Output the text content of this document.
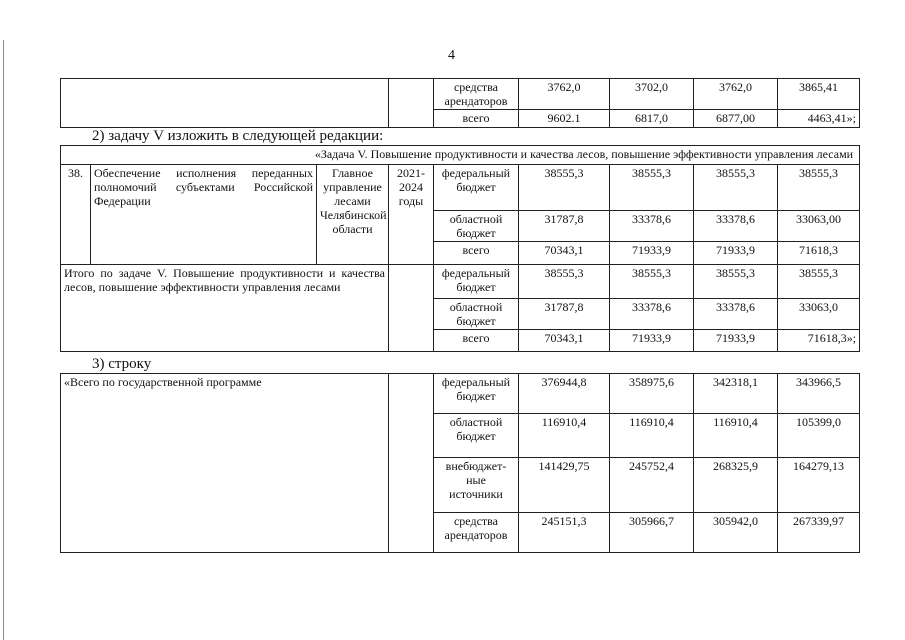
4
		средства арендаторов	3762,0	3702,0	3762,0	3865,41
		всего	9602.1	6817,0	6877,00	4463,41»;
2) задачу V изложить в следующей редакции:
«Задача V. Повышение продуктивности и качества лесов, повышение эффективности управления лесами								
38.	Обеспечение исполнения переданных полномочий субъектами Российской Федерации	Главное управление лесами Челябинской области	2021-2024 годы	федеральный бюджет	38555,3	38555,3	38555,3	38555,3
				областной бюджет	31787,8	33378,6	33378,6	33063,00
				всего	70343,1	71933,9	71933,9	71618,3
Итого по задаче V. Повышение продуктивности и качества лесов, повышение эффективности управления лесами				федеральный бюджет	38555,3	38555,3	38555,3	38555,3
				областной бюджет	31787,8	33378,6	33378,6	33063,0
				всего	70343,1	71933,9	71933,9	71618,3»;
3) строку
«Всего по государственной программе		федеральный бюджет	376944,8	358975,6	342318,1	343966,5
		областной бюджет	116910,4	116910,4	116910,4	105399,0
		внебюджет-ные источники	141429,75	245752,4	268325,9	164279,13
		средства арендаторов	245151,3	305966,7	305942,0	267339,97
